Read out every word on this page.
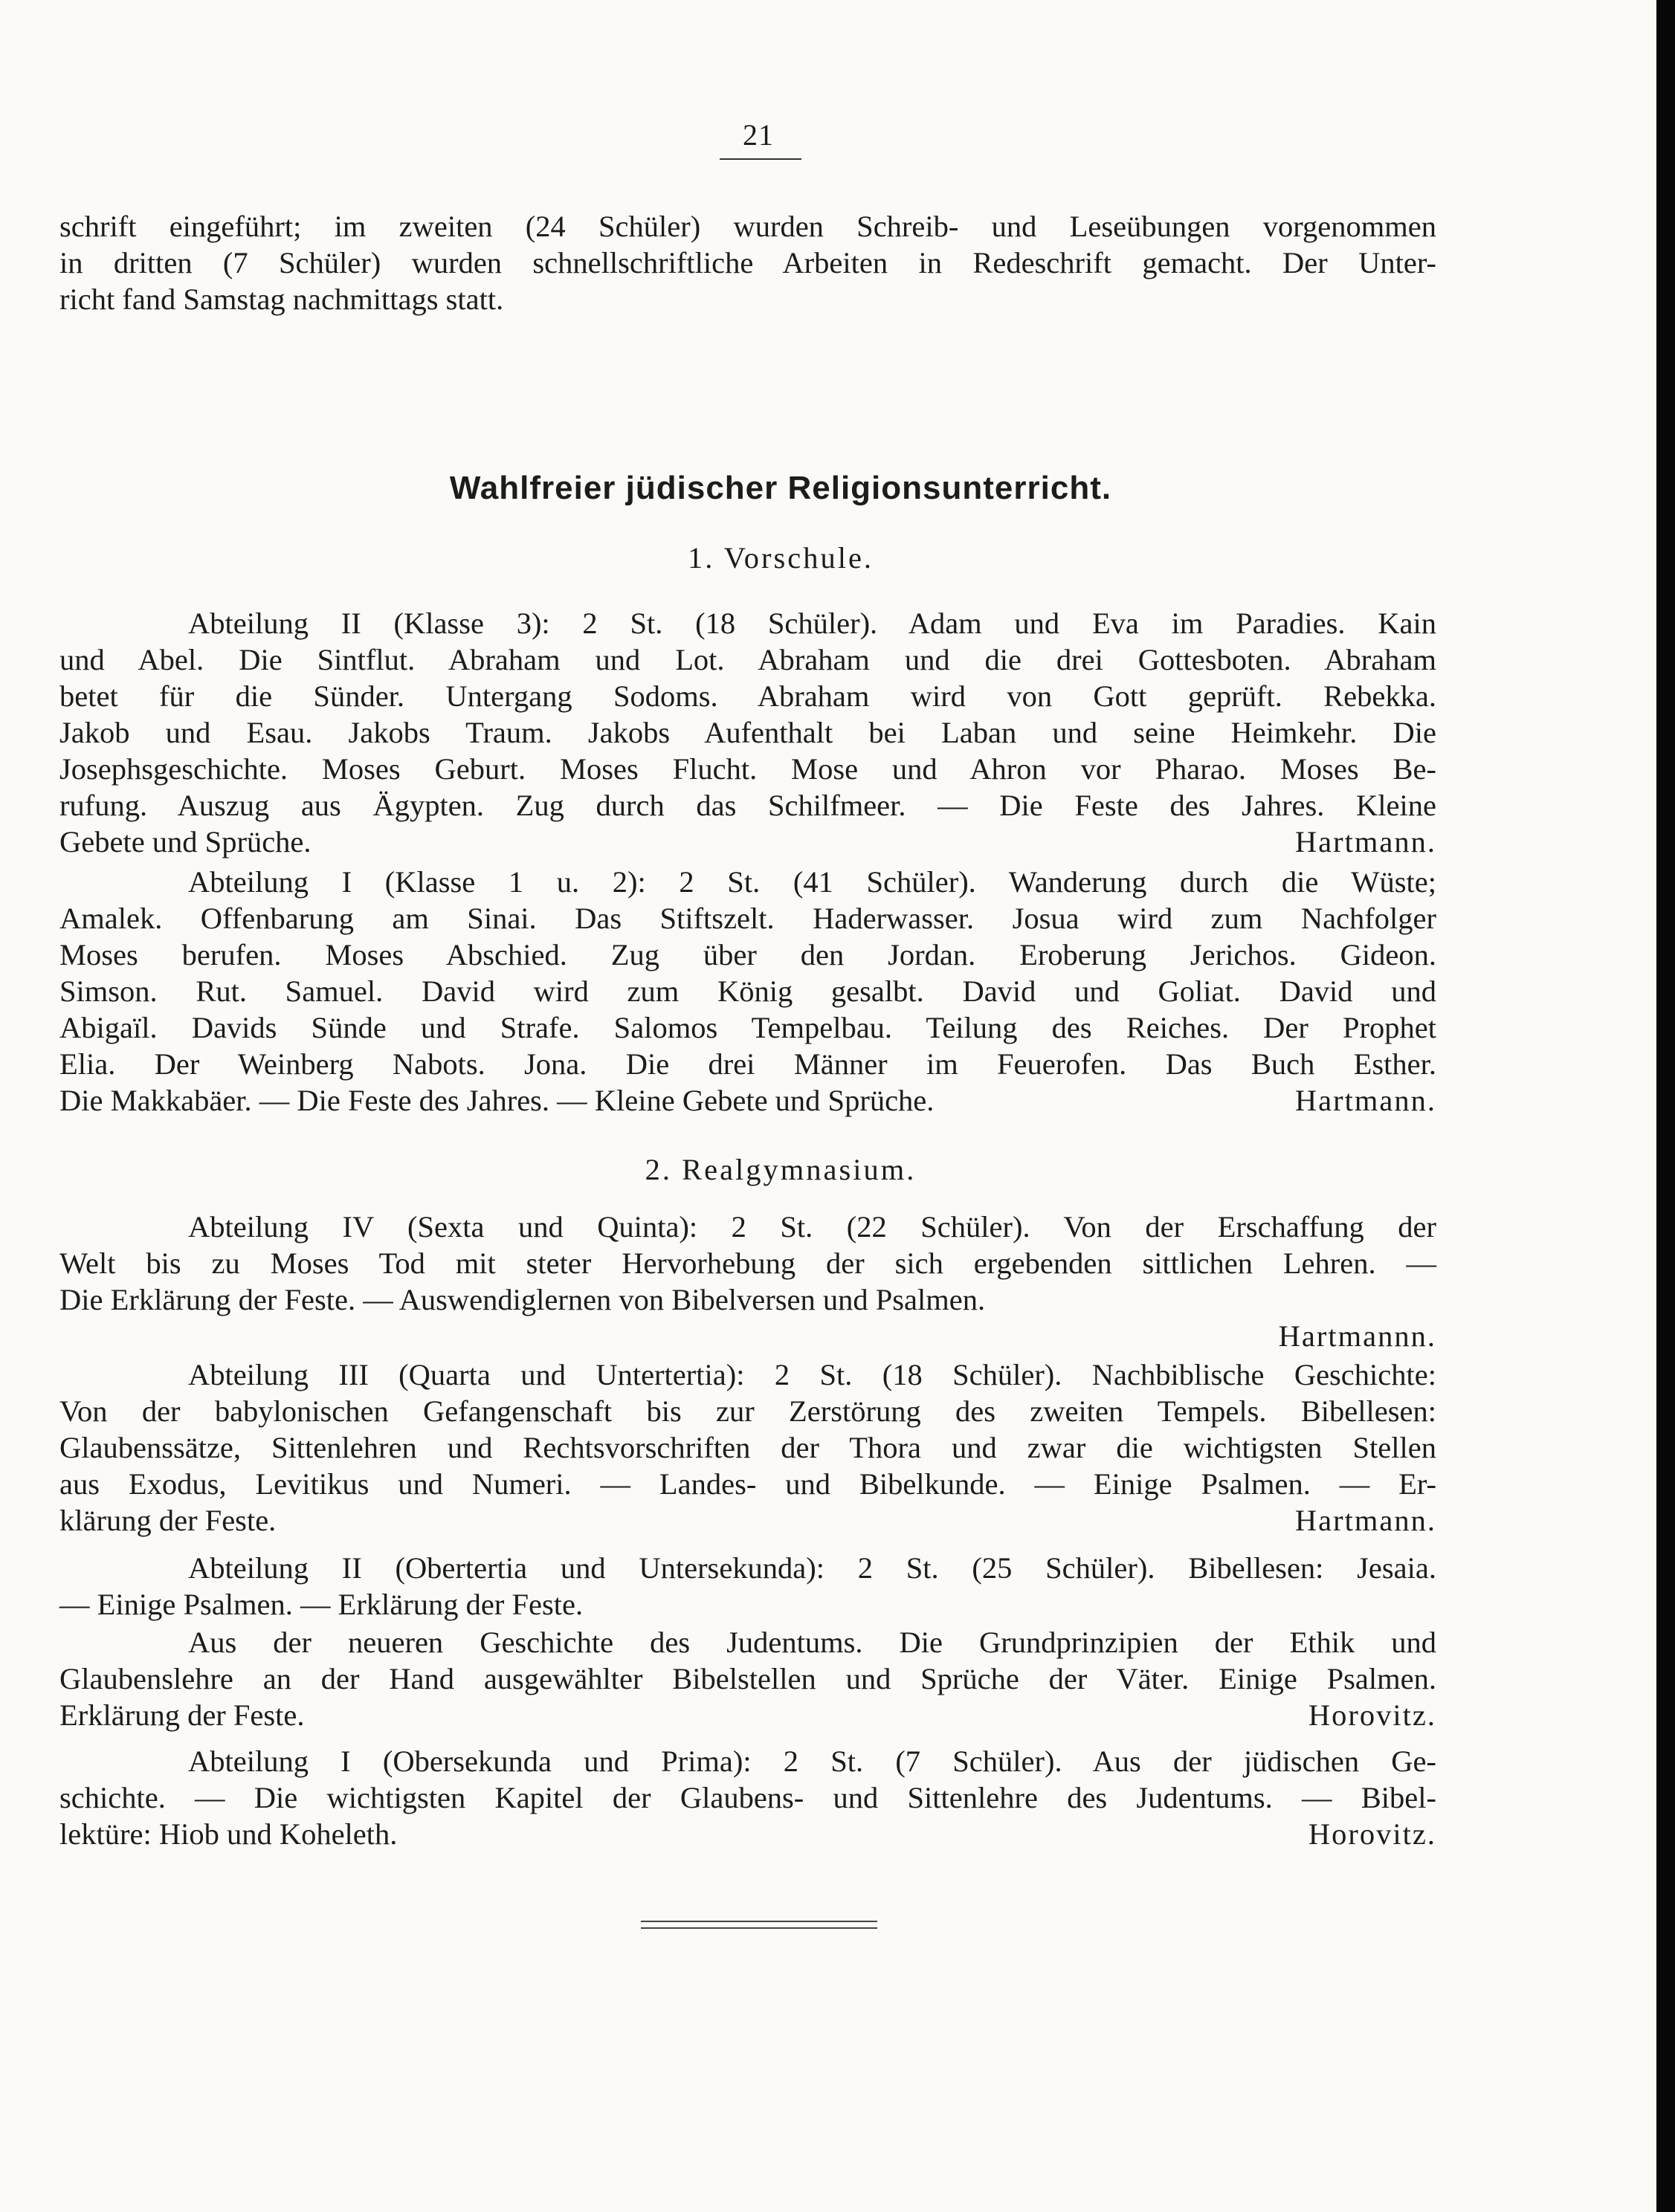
21
schrift eingeführt; im zweiten (24 Schüler) wurden Schreib- und Leseübungen vorgenommen
in dritten (7 Schüler) wurden schnellschriftliche Arbeiten in Redeschrift gemacht. Der Unter-
richt fand Samstag nachmittags statt.
Wahlfreier jüdischer Religionsunterricht.
1. Vorschule.
Abteilung II (Klasse 3): 2 St. (18 Schüler). Adam und Eva im Paradies. Kain
und Abel. Die Sintflut. Abraham und Lot. Abraham und die drei Gottesboten. Abraham
betet für die Sünder. Untergang Sodoms. Abraham wird von Gott geprüft. Rebekka.
Jakob und Esau. Jakobs Traum. Jakobs Aufenthalt bei Laban und seine Heimkehr. Die
Josephsgeschichte. Moses Geburt. Moses Flucht. Mose und Ahron vor Pharao. Moses Be-
rufung. Auszug aus Ägypten. Zug durch das Schilfmeer. — Die Feste des Jahres. Kleine
Gebete und Sprüche.	Hartmann.
Abteilung I (Klasse 1 u. 2): 2 St. (41 Schüler). Wanderung durch die Wüste;
Amalek. Offenbarung am Sinai. Das Stiftszelt. Haderwasser. Josua wird zum Nachfolger
Moses berufen. Moses Abschied. Zug über den Jordan. Eroberung Jerichos. Gideon.
Simson. Rut. Samuel. David wird zum König gesalbt. David und Goliat. David und
Abigaïl. Davids Sünde und Strafe. Salomos Tempelbau. Teilung des Reiches. Der Prophet
Elia. Der Weinberg Nabots. Jona. Die drei Männer im Feuerofen. Das Buch Esther.
Die Makkabäer. — Die Feste des Jahres. — Kleine Gebete und Sprüche.	Hartmann.
2. Realgymnasium.
Abteilung IV (Sexta und Quinta): 2 St. (22 Schüler). Von der Erschaffung der
Welt bis zu Moses Tod mit steter Hervorhebung der sich ergebenden sittlichen Lehren. —
Die Erklärung der Feste. — Auswendiglernen von Bibelversen und Psalmen.
Hartmannn.
Abteilung III (Quarta und Untertertia): 2 St. (18 Schüler). Nachbiblische Geschichte:
Von der babylonischen Gefangenschaft bis zur Zerstörung des zweiten Tempels. Bibellesen:
Glaubenssätze, Sittenlehren und Rechtsvorschriften der Thora und zwar die wichtigsten Stellen
aus Exodus, Levitikus und Numeri. — Landes- und Bibelkunde. — Einige Psalmen. — Er-
klärung der Feste.	Hartmann.
Abteilung II (Obertertia und Untersekunda): 2 St. (25 Schüler). Bibellesen: Jesaia.
— Einige Psalmen. — Erklärung der Feste.
Aus der neueren Geschichte des Judentums. Die Grundprinzipien der Ethik und
Glaubenslehre an der Hand ausgewählter Bibelstellen und Sprüche der Väter. Einige Psalmen.
Erklärung der Feste.	Horovitz.
Abteilung I (Obersekunda und Prima): 2 St. (7 Schüler). Aus der jüdischen Ge-
schichte. — Die wichtigsten Kapitel der Glaubens- und Sittenlehre des Judentums. — Bibel-
lektüre: Hiob und Koheleth.	Horovitz.
